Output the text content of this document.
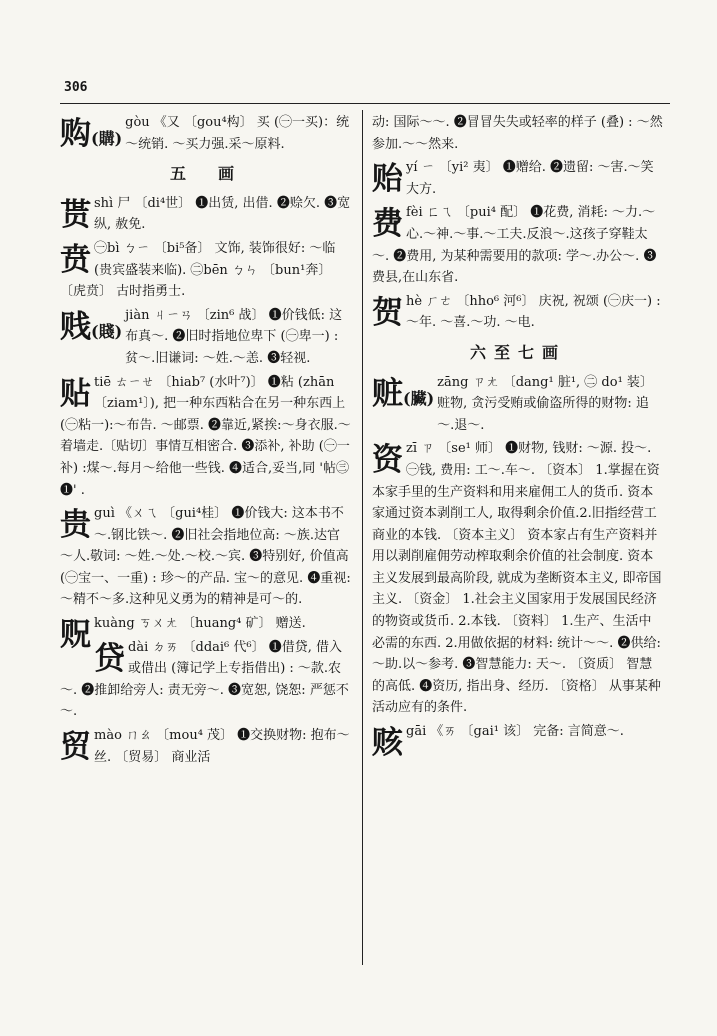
306
购(購)
gòu 《又 〔gou⁴构〕 买 (㊀一买)：统～统销. ～买力强.采～原料.
五　画
贳shì 尸 〔di⁴世〕 ❶出赁, 出借. ❷赊欠. ❸宽纵, 赦免.
贲 ㊀bì ㄅㄧ 〔bi⁵备〕 文饰, 装饰很好: ～临 (贵宾盛装来临). ㊁bēn ㄅㄣ 〔bun¹奔〕 〔虎贲〕 古时指勇士.
贱(賤)
jiàn ㄐㄧㄢ 〔zin⁶ 战〕 ❶价钱低: 这布真～. ❷旧时指地位卑下 (㊀卑一) : 贫～.旧谦词: ～姓.～恙. ❸轻视.
贴tiē ㄊㄧㄝ 〔hiab⁷ (水叶⁷)〕 ❶粘 (zhān 〔ziam¹〕), 把一种东西粘合在另一种东西上(㊀粘一):～布告. ～邮票. ❷靠近,紧挨:～身衣服.～着墙走.〔贴切〕事情互相密合. ❸添补, 补助 (㊀一补) :煤～.每月～给他一些钱. ❹适合,妥当,同 '帖㊂❶' .
贵guì 《ㄨㄟ 〔gui⁴桂〕 ❶价钱大: 这本书不～.钢比铁～. ❷旧社会指地位高: ～族.达官～人.敬词: ～姓.～处.～校.～宾. ❸特别好, 价值高 (㊀宝一、一重) : 珍～的产品. 宝～的意见. ❹重视: ～精不～多.这种见义勇为的精神是可～的.
贶kuàng ㄎㄨㄤ 〔huang⁴ 矿〕 赠送.
贷dài ㄉㄞ 〔ddai⁶ 代⁶〕 ❶借贷, 借入或借出 (簿记学上专指借出) : ～款.农～. ❷推卸给旁人: 责无旁～. ❸宽恕, 饶恕: 严惩不～.
贸mào ㄇㄠ 〔mou⁴ 茂〕 ❶交换财物: 抱布～丝. 〔贸易〕 商业活
动: 国际～～. ❷冒冒失失或轻率的样子 (叠) : ～然参加.～～然来.
贻yí ㄧ 〔yi² 夷〕 ❶赠给. ❷遗留: ～害.～笑大方.
费fèi ㄈㄟ 〔pui⁴ 配〕 ❶花费, 消耗: ～力.～心.～神.～事.～工夫.反浪～.这孩子穿鞋太～. ❷费用, 为某种需要用的款项: 学～.办公～. ❸费县,在山东省.
贺hè ㄏㄜ 〔hho⁶ 河⁶〕 庆祝, 祝颂 (㊀庆一) : ～年. ～喜.～功. ～电.
六至七画
赃(臟)
zāng ㄗㄤ 〔dang¹ 脏¹, ㊁ do¹ 装〕 赃物, 贪污受贿或偷盗所得的财物: 追～.退～.
资zī ㄗ 〔se¹ 师〕 ❶财物, 钱财: ～源. 投～.㊀钱, 费用: 工～.车～. 〔资本〕 1.掌握在资本家手里的生产资料和用来雇佣工人的货币. 资本家通过资本剥削工人, 取得剩余价值.2.旧指经营工商业的本钱. 〔资本主义〕 资本家占有生产资料并用以剥削雇佣劳动榨取剩余价值的社会制度. 资本主义发展到最高阶段, 就成为垄断资本主义, 即帝国主义. 〔资金〕 1.社会主义国家用于发展国民经济的物资或货币. 2.本钱. 〔资料〕 1.生产、生活中必需的东西. 2.用做依据的材料: 统计～～. ❷供给: ～助.以～参考. ❸智慧能力: 天～. 〔资质〕 智慧的高低. ❹资历, 指出身、经历. 〔资格〕 从事某种活动应有的条件.
赅gāi 《ㄞ 〔gai¹ 该〕 完备: 言简意～.
